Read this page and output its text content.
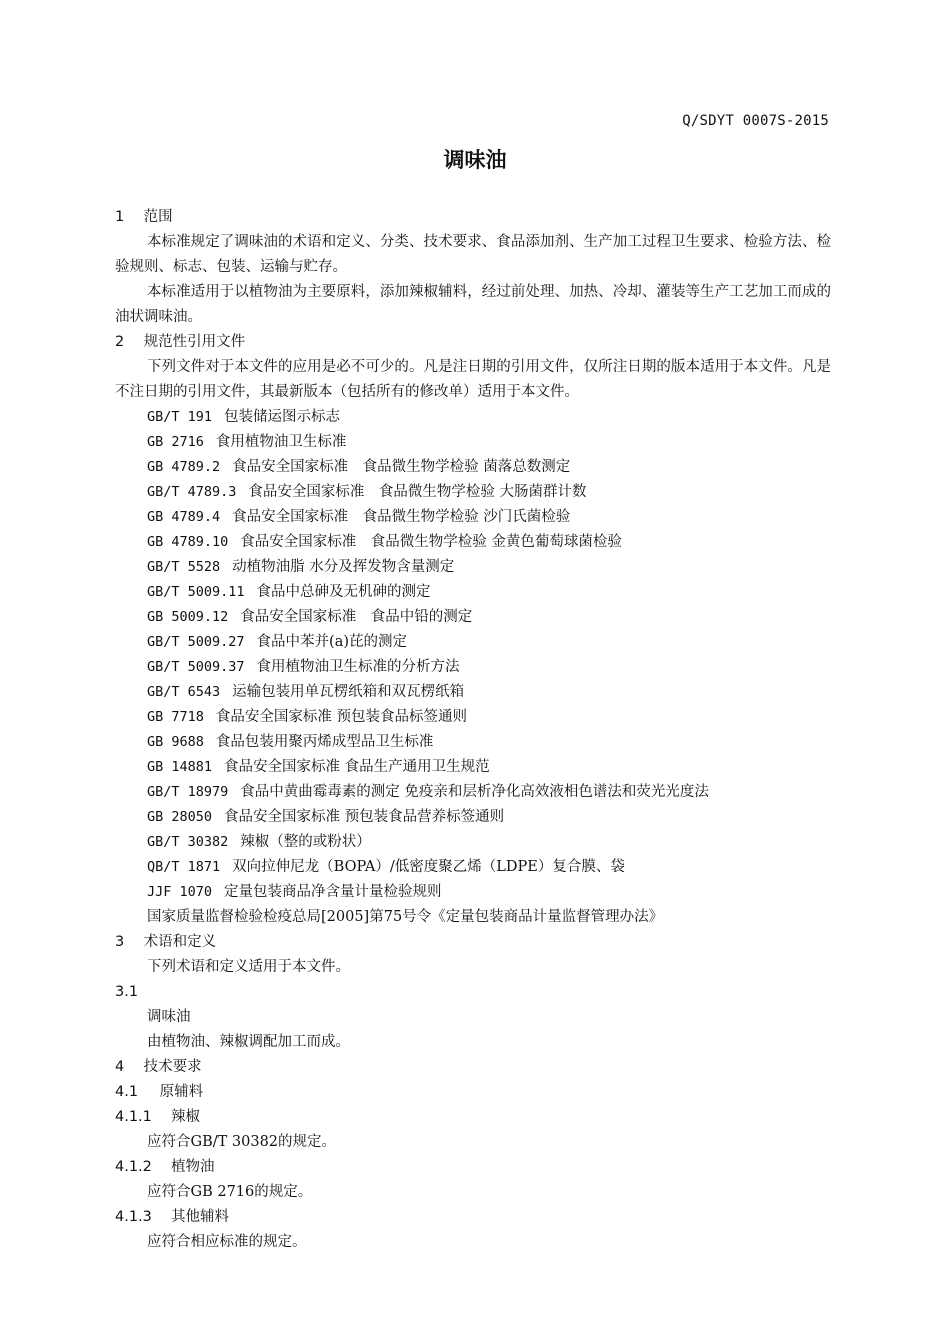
Q/SDYT 0007S-2015
调味油
1 范围
本标准规定了调味油的术语和定义、分类、技术要求、食品添加剂、生产加工过程卫生要求、检验方法、检验规则、标志、包装、运输与贮存。
本标准适用于以植物油为主要原料，添加辣椒辅料，经过前处理、加热、冷却、灌装等生产工艺加工而成的油状调味油。
2 规范性引用文件
下列文件对于本文件的应用是必不可少的。凡是注日期的引用文件，仅所注日期的版本适用于本文件。凡是不注日期的引用文件，其最新版本（包括所有的修改单）适用于本文件。
GB/T 191 包装储运图示标志
GB 2716 食用植物油卫生标准
GB 4789.2 食品安全国家标准　食品微生物学检验 菌落总数测定
GB/T 4789.3 食品安全国家标准　食品微生物学检验 大肠菌群计数
GB 4789.4 食品安全国家标准　食品微生物学检验 沙门氏菌检验
GB 4789.10 食品安全国家标准　食品微生物学检验 金黄色葡萄球菌检验
GB/T 5528 动植物油脂 水分及挥发物含量测定
GB/T 5009.11 食品中总砷及无机砷的测定
GB 5009.12 食品安全国家标准　食品中铅的测定
GB/T 5009.27 食品中苯并(a)芘的测定
GB/T 5009.37 食用植物油卫生标准的分析方法
GB/T 6543 运输包装用单瓦楞纸箱和双瓦楞纸箱
GB 7718 食品安全国家标准 预包装食品标签通则
GB 9688 食品包装用聚丙烯成型品卫生标准
GB 14881 食品安全国家标准 食品生产通用卫生规范
GB/T 18979 食品中黄曲霉毒素的测定 免疫亲和层析净化高效液相色谱法和荧光光度法
GB 28050 食品安全国家标准 预包装食品营养标签通则
GB/T 30382 辣椒（整的或粉状）
QB/T 1871 双向拉伸尼龙（BOPA）/低密度聚乙烯（LDPE）复合膜、袋
JJF 1070 定量包装商品净含量计量检验规则
国家质量监督检验检疫总局[2005]第75号令《定量包装商品计量监督管理办法》
3 术语和定义
下列术语和定义适用于本文件。
3.1
调味油
由植物油、辣椒调配加工而成。
4 技术要求
4.1 原辅料
4.1.1 辣椒
应符合GB/T 30382的规定。
4.1.2 植物油
应符合GB 2716的规定。
4.1.3 其他辅料
应符合相应标准的规定。
